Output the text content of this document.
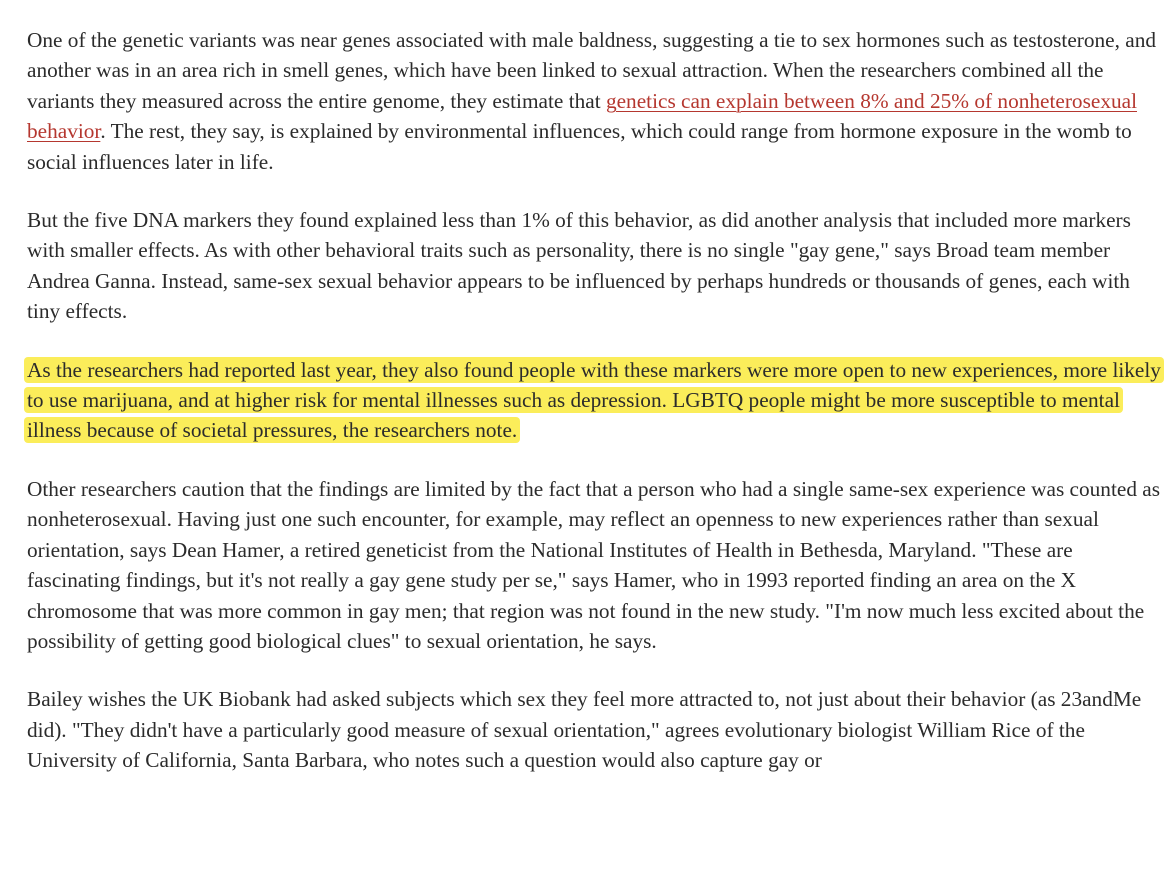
One of the genetic variants was near genes associated with male baldness, suggesting a tie to sex hormones such as testosterone, and another was in an area rich in smell genes, which have been linked to sexual attraction. When the researchers combined all the variants they measured across the entire genome, they estimate that genetics can explain between 8% and 25% of nonheterosexual behavior. The rest, they say, is explained by environmental influences, which could range from hormone exposure in the womb to social influences later in life.

But the five DNA markers they found explained less than 1% of this behavior, as did another analysis that included more markers with smaller effects. As with other behavioral traits such as personality, there is no single "gay gene," says Broad team member Andrea Ganna. Instead, same-sex sexual behavior appears to be influenced by perhaps hundreds or thousands of genes, each with tiny effects.

As the researchers had reported last year, they also found people with these markers were more open to new experiences, more likely to use marijuana, and at higher risk for mental illnesses such as depression. LGBTQ people might be more susceptible to mental illness because of societal pressures, the researchers note.

Other researchers caution that the findings are limited by the fact that a person who had a single same-sex experience was counted as nonheterosexual. Having just one such encounter, for example, may reflect an openness to new experiences rather than sexual orientation, says Dean Hamer, a retired geneticist from the National Institutes of Health in Bethesda, Maryland. "These are fascinating findings, but it's not really a gay gene study per se," says Hamer, who in 1993 reported finding an area on the X chromosome that was more common in gay men; that region was not found in the new study. "I'm now much less excited about the possibility of getting good biological clues" to sexual orientation, he says.

Bailey wishes the UK Biobank had asked subjects which sex they feel more attracted to, not just about their behavior (as 23andMe did). "They didn't have a particularly good measure of sexual orientation," agrees evolutionary biologist William Rice of the University of California, Santa Barbara, who notes such a question would also capture gay or
